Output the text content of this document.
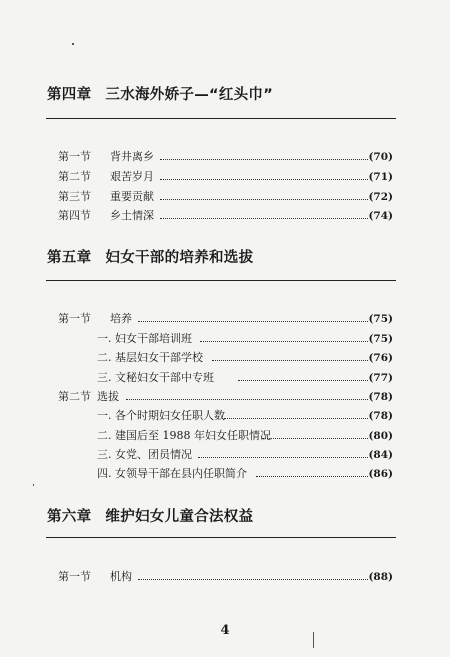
第四章 三水海外娇子—“红头巾”
第一节 背井离乡	(70)
第二节 艰苦岁月	(71)
第三节 重要贡献	(72)
第四节 乡土情深	(74)
第五章 妇女干部的培养和选拔
第一节 培养	(75)
一. 妇女干部培训班	(75)
二. 基层妇女干部学校	(76)
三. 文秘妇女干部中专班	(77)
第二节 选拔	(78)
一. 各个时期妇女任职人数	(78)
二. 建国后至 1988 年妇女任职情况	(80)
三. 女党、团员情况	(84)
四. 女领导干部在县内任职简介	(86)
第六章 维护妇女儿童合法权益
第一节 机构	(88)
4
